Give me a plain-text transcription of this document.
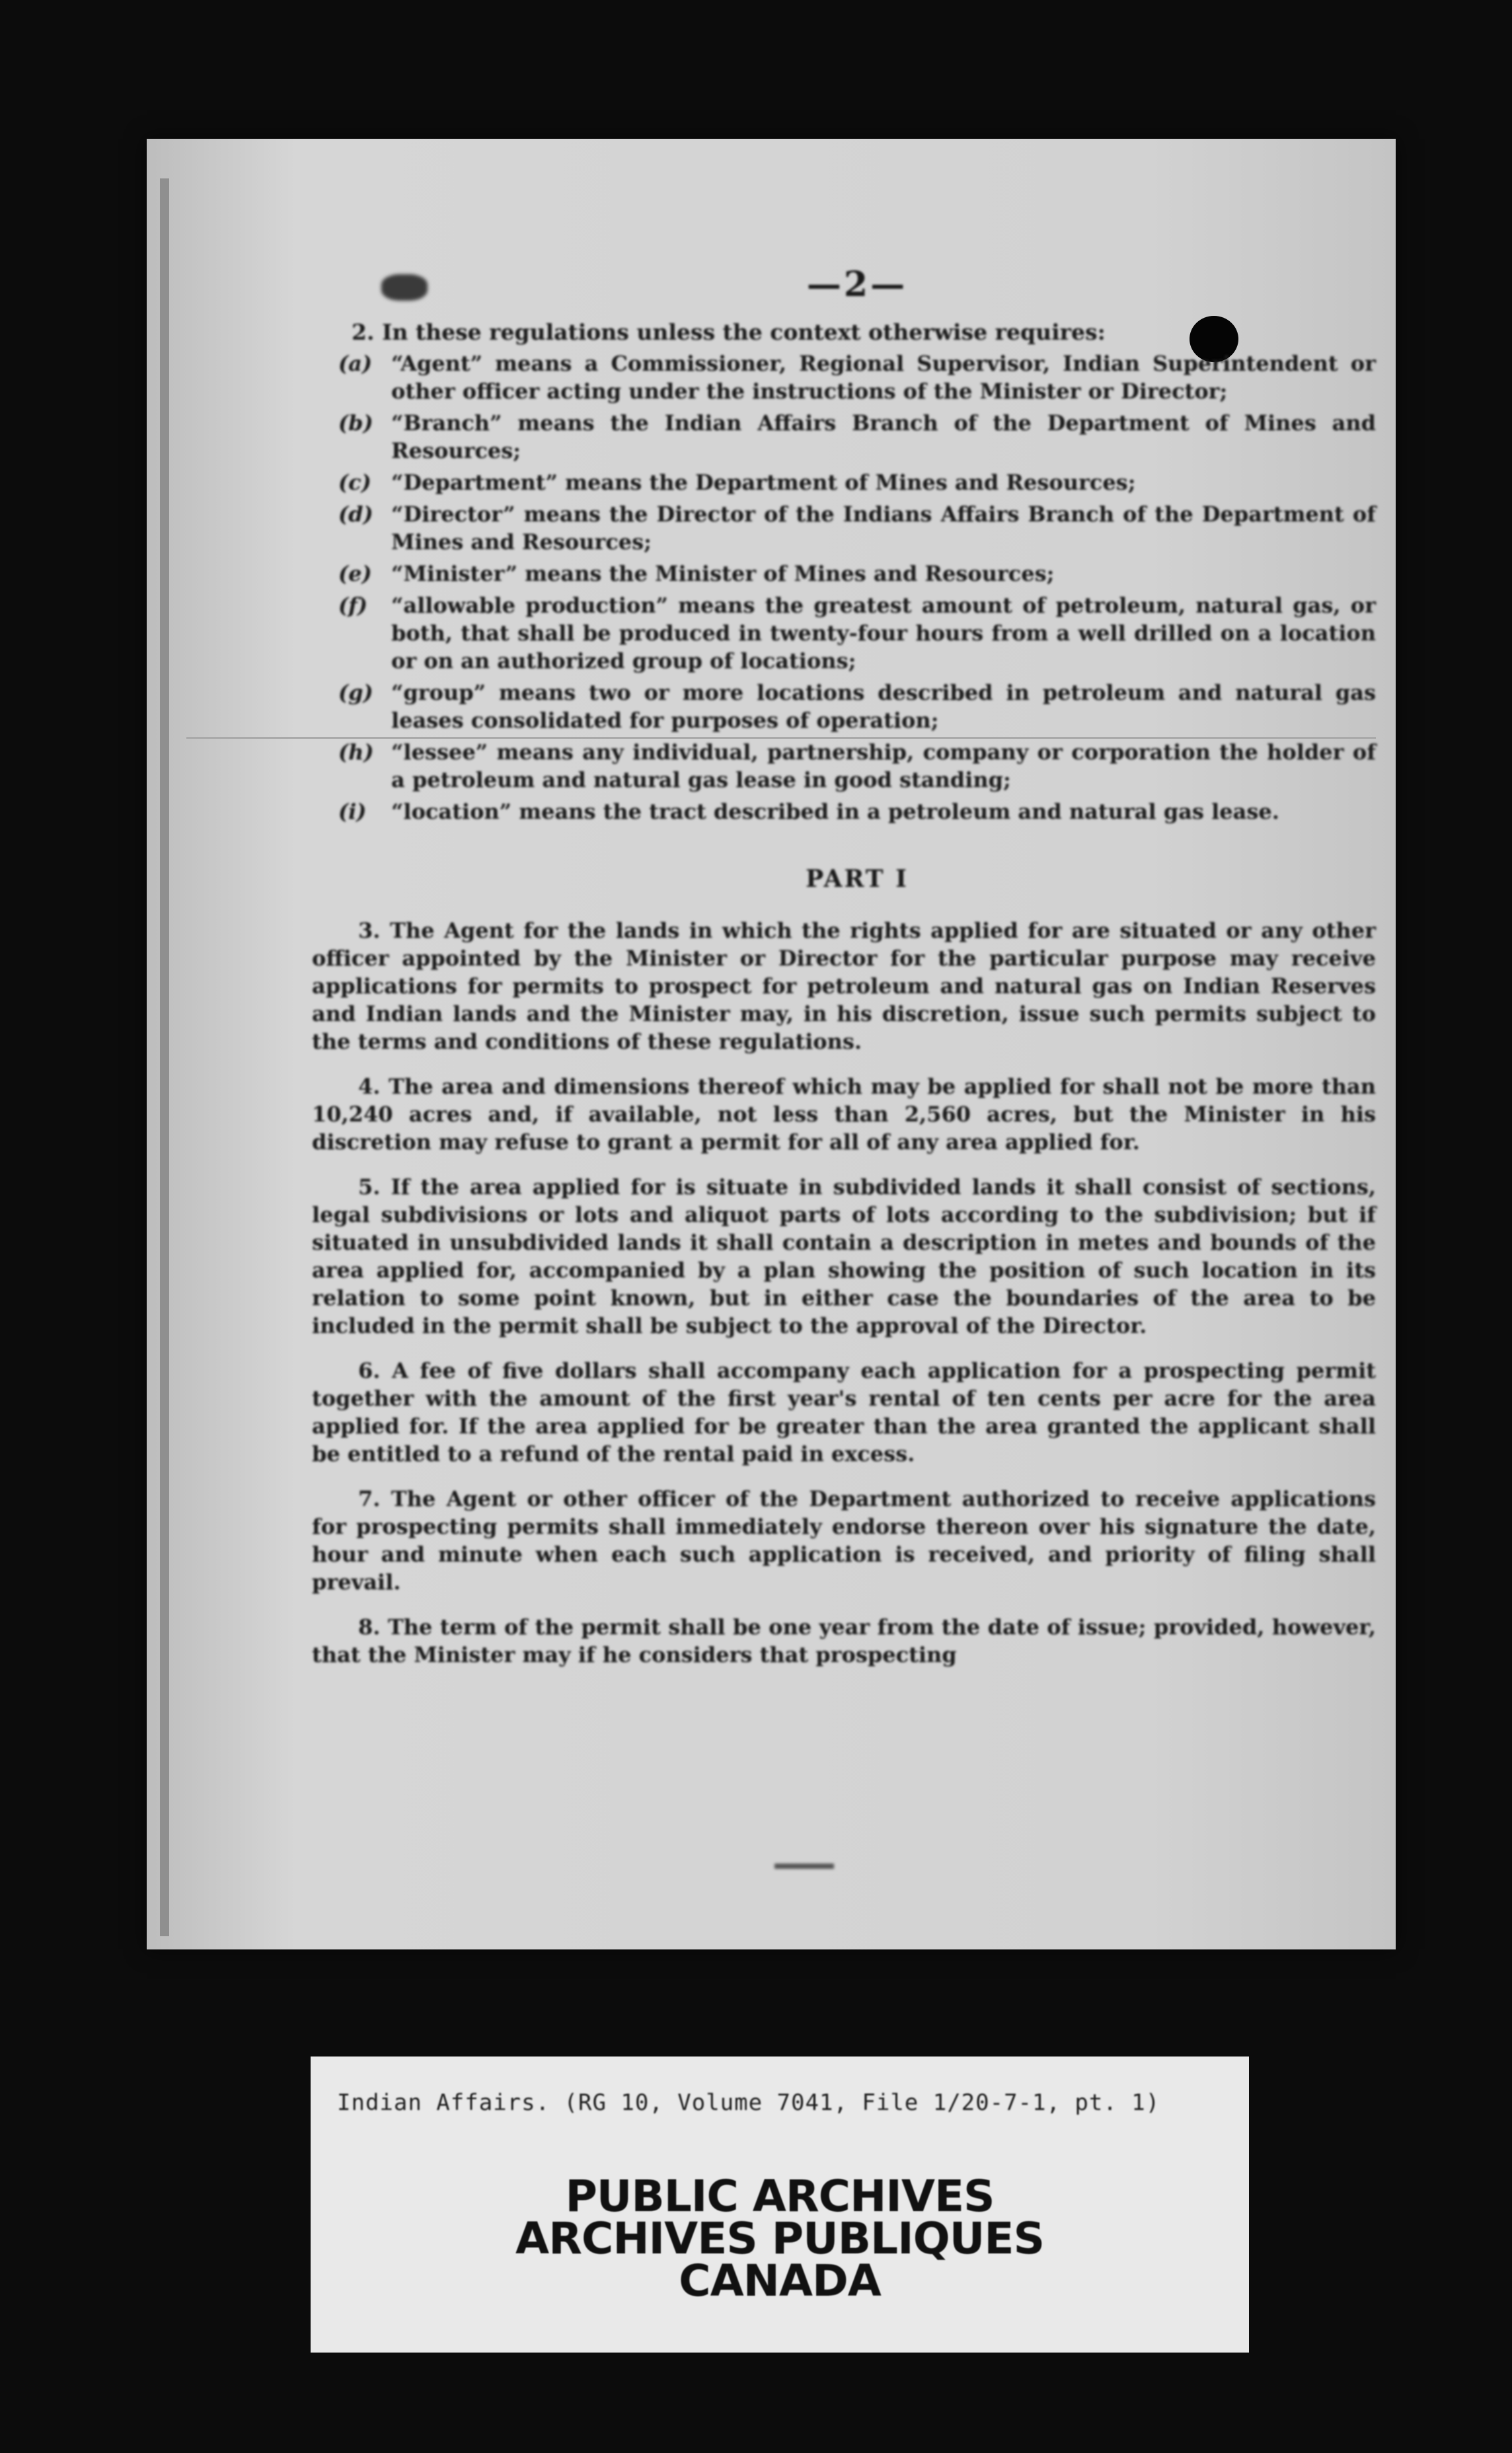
—2—
2. In these regulations unless the context otherwise requires:
(a) “Agent” means a Commissioner, Regional Supervisor, Indian Superintendent or other officer acting under the instructions of the Minister or Director;
(b) “Branch” means the Indian Affairs Branch of the Department of Mines and Resources;
(c) “Department” means the Department of Mines and Resources;
(d) “Director” means the Director of the Indians Affairs Branch of the Department of Mines and Resources;
(e) “Minister” means the Minister of Mines and Resources;
(f)	“allowable production” means the greatest amount of petroleum, natural gas, or both, that shall be produced in twenty-four hours from a well drilled on a location or on an authorized group of locations;
(g) “group” means two or more locations described in petroleum and natural gas leases consolidated for purposes of operation;
(h) “lessee” means any individual, partnership, company or corporation the holder of a petroleum and natural gas lease in good standing;
(i)	“location” means the tract described in a petroleum and natural gas lease.
PART I

3. The Agent for the lands in which the rights applied for are situated or any other officer appointed by the Minister or Director for the particular purpose may receive applications for permits to prospect for petroleum and natural gas on Indian Reserves and Indian lands and the Minister may, in his discretion, issue such permits subject to the terms and conditions of these regulations.

4. The area and dimensions thereof which may be applied for shall not be more than 10,240 acres and, if available, not less than 2,560 acres, but the Minister in his discretion may refuse to grant a permit for all of any area applied for.

5. If the area applied for is situate in subdivided lands it shall consist of sections, legal subdivisions or lots and aliquot parts of lots according to the subdivision; but if situated in unsubdivided lands it shall contain a description in metes and bounds of the area applied for, accompanied by a plan showing the position of such location in its relation to some point known, but in either case the boundaries of the area to be included in the permit shall be subject to the approval of the Director.

6. A fee of five dollars shall accompany each application for a prospecting permit together with the amount of the first year's rental of ten cents per acre for the area applied for. If the area applied for be greater than the area granted the applicant shall be entitled to a refund of the rental paid in excess.

7. The Agent or other officer of the Department authorized to receive applications for prospecting permits shall immediately endorse thereon over his signature the date, hour and minute when each such application is received, and priority of filing shall prevail.

8. The term of the permit shall be one year from the date of issue; provided, however, that the Minister may if he considers that prospecting

Indian Affairs. (RG 10, Volume 7041, File 1/20-7-1, pt. 1)
PUBLIC ARCHIVES
ARCHIVES PUBLIQUES
CANADA
